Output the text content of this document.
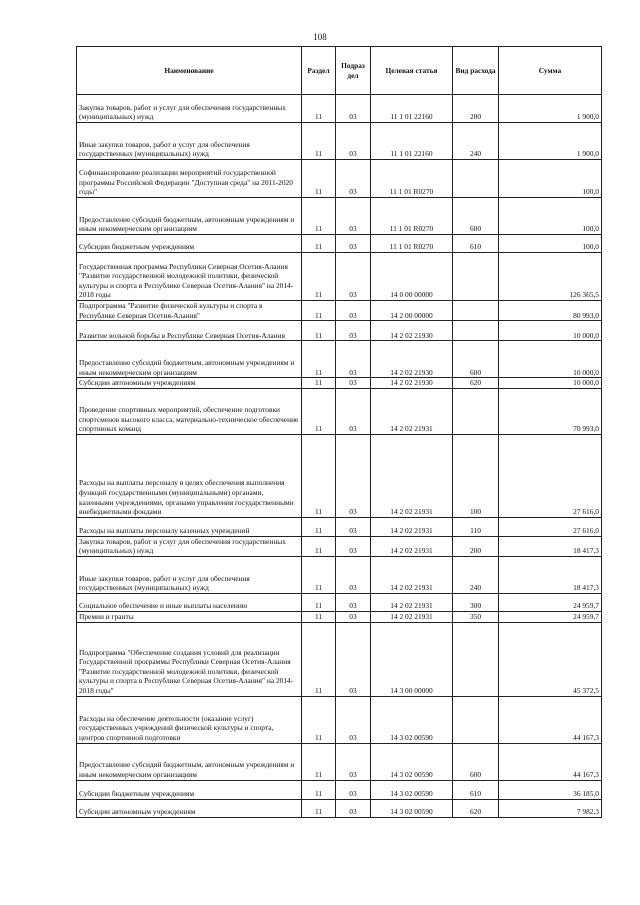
108
Наименование	Раздел	Подраз дел	Целевая статья	Вид расхода	Сумма
Закупка товаров, работ и услуг для обеспечения государственных (муниципальных) нужд	11	03	11 1 01 22160	200	1 900,0
Иные закупки товаров, работ и услуг для обеспечения государственных (муниципальных) нужд	11	03	11 1 01 22160	240	1 900,0
Софинансирование реализации мероприятий государственной программы Российской Федерации "Доступная среда" на 2011-2020 годы"	11	03	11 1 01 R0270		100,0
Предоставление субсидий бюджетным, автономным учреждениям и иным некоммерческим организациям	11	03	11 1 01 R0270	600	100,0
Субсидии бюджетным учреждениям	11	03	11 1 01 R0270	610	100,0
Государственная программа Республики Северная Осетия-Алания "Развитие государственной молодежной политики, физической культуры и спорта в Республике Северная Осетия-Алания" на 2014-2018 годы	11	03	14 0 00 00000		126 365,5
Подпрограмма "Развитие физической культуры и спорта в Республике Северная Осетия-Алания"	11	03	14 2 00 00000		80 993,0
Развитие вольной борьбы в Республике Северная Осетия-Алания	11	03	14 2 02 21930		10 000,0
Предоставление субсидий бюджетным, автономным учреждениям и иным некоммерческим организациям	11	03	14 2 02 21930	600	10 000,0
Субсидии автономным учреждениям	11	03	14 2 02 21930	620	10 000,0
Проведение спортивных мероприятий, обеспечение подготовки спортсменов высокого класса, материально-техническое обеспечение спортивных команд	11	03	14 2 02 21931		70 993,0
Расходы на выплаты персоналу в целях обеспечения выполнения функций государственными (муниципальными) органами, казенными учреждениями, органами управления государственными внебюджетными фондами	11	03	14 2 02 21931	100	27 616,0
Расходы на выплаты персоналу казенных учреждений	11	03	14 2 02 21931	110	27 616,0
Закупка товаров, работ и услуг для обеспечения государственных (муниципальных) нужд	11	03	14 2 02 21931	200	18 417,3
Иные закупки товаров, работ и услуг для обеспечения государственных (муниципальных) нужд	11	03	14 2 02 21931	240	18 417,3
Социальное обеспечение и иные выплаты населению	11	03	14 2 02 21931	300	24 959,7
Премии и гранты	11	03	14 2 02 21931	350	24 959,7
Подпрограмма "Обеспечение создания условий для реализации Государственной программы Республики Северная Осетия-Алания "Развитие государственной молодежной политики, физической культуры и спорта в Республике Северная Осетия-Алания" на 2014-2018 годы"	11	03	14 3 00 00000		45 372,5
Расходы на обеспечение деятельности (оказание услуг) государственных учреждений физической культуры и спорта, центров спортивной подготовки	11	03	14 3 02 00590		44 167,3
Предоставление субсидий бюджетным, автономным учреждениям и иным некоммерческим организациям	11	03	14 3 02 00590	600	44 167,3
Субсидии бюджетным учреждениям	11	03	14 3 02 00590	610	36 185,0
Субсидии автономным учреждениям	11	03	14 3 02 00590	620	7 982,3
